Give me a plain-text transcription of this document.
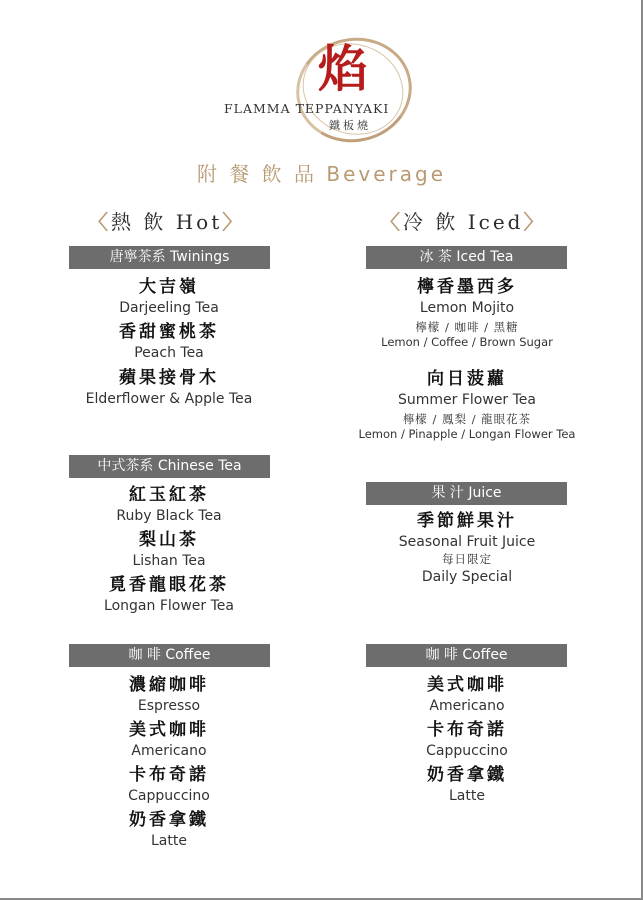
焰
FLAMMA TEPPANYAKI
鐵板燒
附 餐 飲 品 Beverage
〈熱 飲 Hot〉	〈冷 飲 Iced〉
唐寧茶系 Twinings
大吉嶺
Darjeeling Tea
香甜蜜桃茶
Peach Tea
蘋果接骨木
Elderflower & Apple Tea
中式茶系 Chinese Tea
紅玉紅茶
Ruby Black Tea
梨山茶
Lishan Tea
覓香龍眼花茶
Longan Flower Tea
咖 啡 Coffee
濃縮咖啡
Espresso
美式咖啡
Americano
卡布奇諾
Cappuccino
奶香拿鐵
Latte
冰 茶 Iced Tea
檸香墨西多
Lemon Mojito
檸檬 / 咖啡 / 黑糖
Lemon / Coffee / Brown Sugar
向日菠蘿
Summer Flower Tea
檸檬 / 鳳梨 / 龍眼花茶
Lemon / Pinapple / Longan Flower Tea
果 汁 Juice
季節鮮果汁
Seasonal Fruit Juice
每日限定
Daily Special
咖 啡 Coffee
美式咖啡
Americano
卡布奇諾
Cappuccino
奶香拿鐵
Latte
